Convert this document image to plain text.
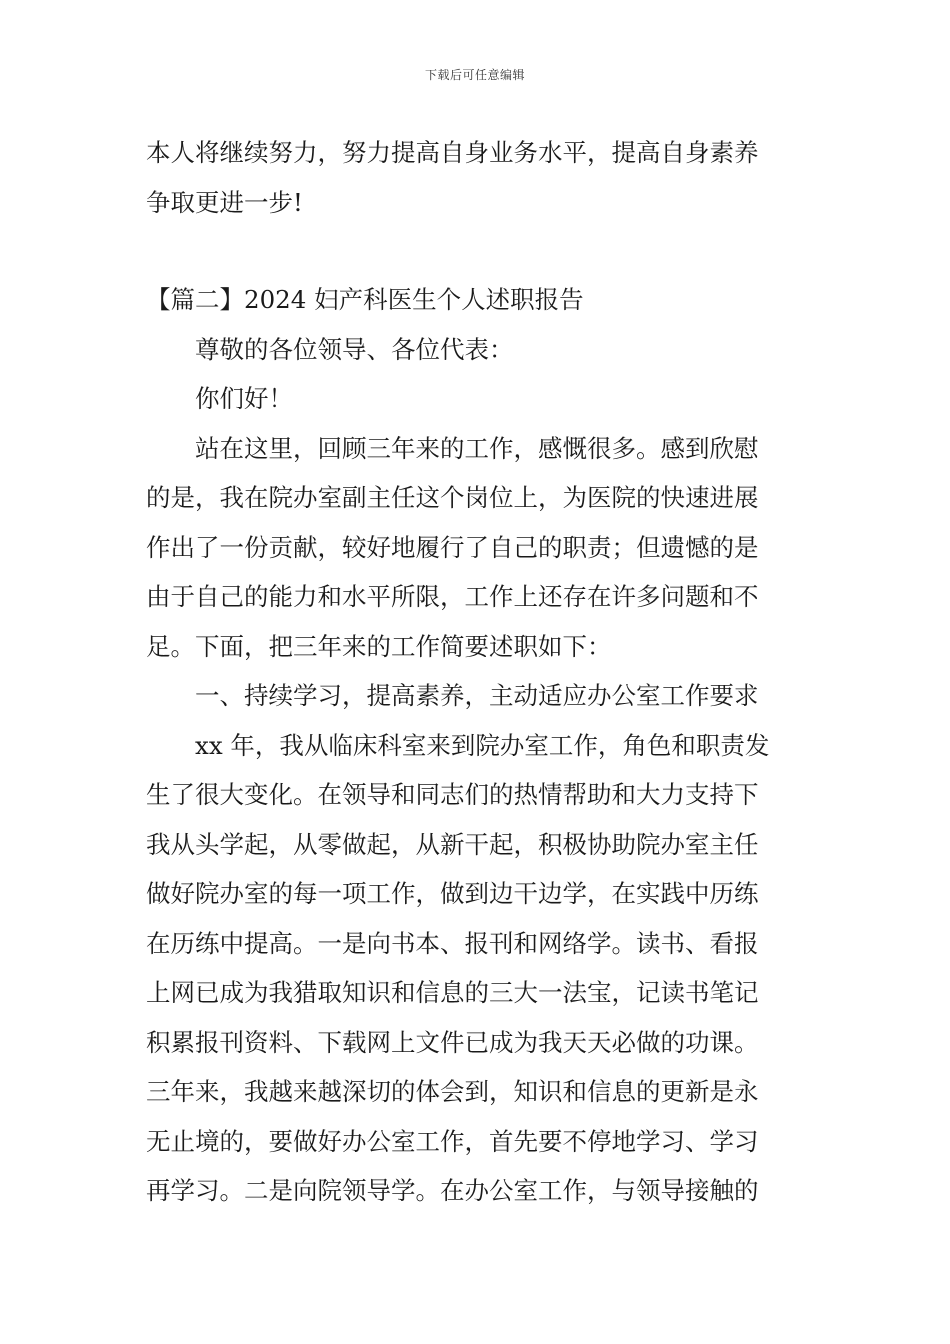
下载后可任意编辑
本人将继续努力，努力提高自身业务水平，提高自身素养
争取更进一步!
【篇二】2024 妇产科医生个人述职报告
尊敬的各位领导、各位代表：
你们好！
站在这里，回顾三年来的工作，感慨很多。感到欣慰
的是，我在院办室副主任这个岗位上，为医院的快速进展
作出了一份贡献，较好地履行了自己的职责；但遗憾的是
由于自己的能力和水平所限，工作上还存在许多问题和不
足。下面，把三年来的工作简要述职如下：
一、持续学习，提高素养，主动适应办公室工作要求
xx 年，我从临床科室来到院办室工作，角色和职责发
生了很大变化。在领导和同志们的热情帮助和大力支持下
我从头学起，从零做起，从新干起，积极协助院办室主任
做好院办室的每一项工作，做到边干边学，在实践中历练
在历练中提高。一是向书本、报刊和网络学。读书、看报
上网已成为我猎取知识和信息的三大一法宝，记读书笔记
积累报刊资料、下载网上文件已成为我天天必做的功课。
三年来，我越来越深切的体会到，知识和信息的更新是永
无止境的，要做好办公室工作，首先要不停地学习、学习
再学习。二是向院领导学。在办公室工作，与领导接触的
